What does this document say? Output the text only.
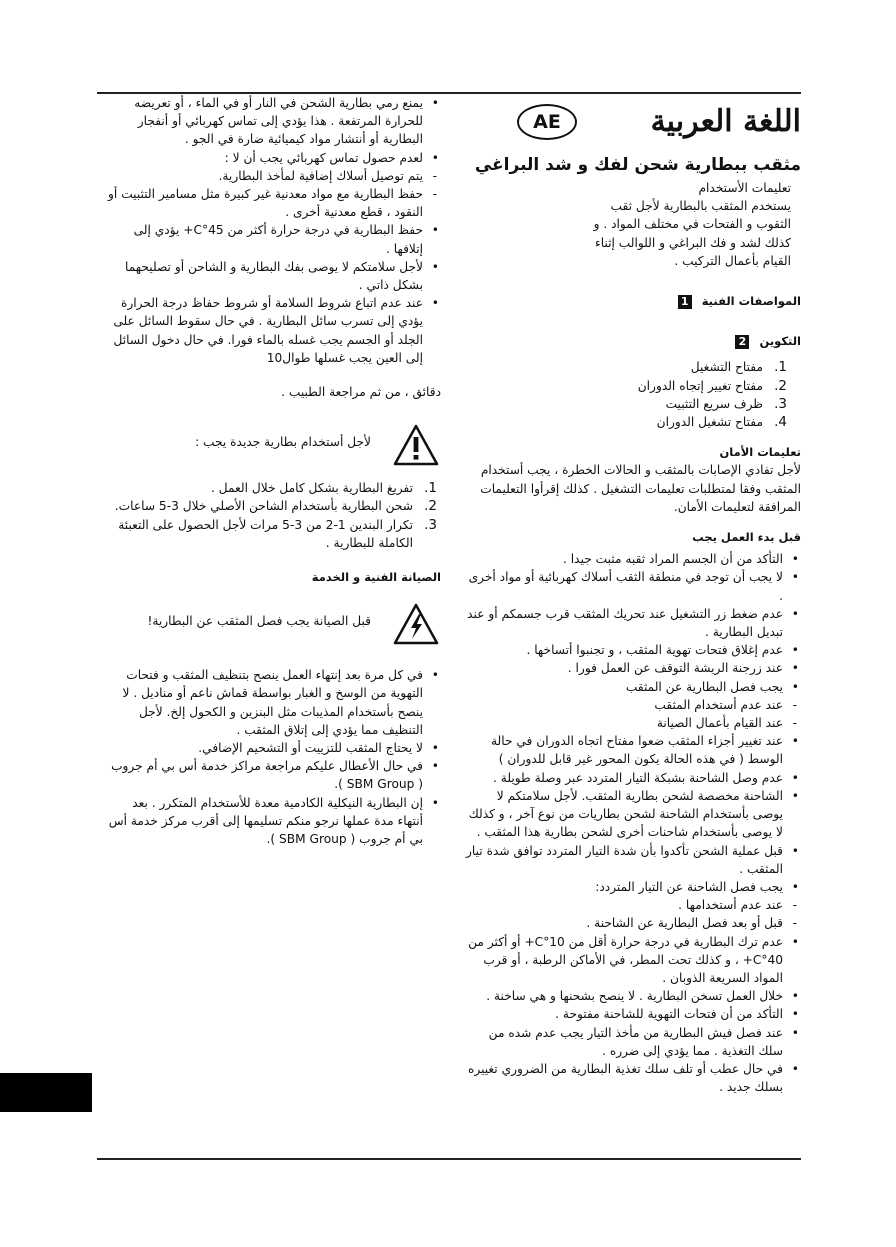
اللغة العربية
AE
مثقب ببطارية شحن لفك و شد البراغي

تعليمات الأستخدام

يستخدم المثقب بالبطارية لأجل ثقب الثقوب و الفتحات في مختلف المواد . و كذلك لشد و فك البراغي و اللوالب إثناء القيام بأعمال التركيب .

المواصفات الفنية1
التكوين2

1.
مفتاح التشغيل

2.
مفتاح تغيير إتجاه الدوران

3.
ظرف سريع التثبيت

4.
مفتاح تشغيل الدوران

تعليمات الأمان

لأجل تفادي الإصابات بالمثقب و الحالات الخطرة ، يجب أستخدام المثقب وفقا لمتطلبات تعليمات التشغيل . كذلك إقرأوا التعليمات المرافقة لتعليمات الأمان.

قبل بدء العمل يجب

• التأكد من أن الجسم المراد ثقبه مثبت جيدا .

• لا يجب أن توجد في منطقة الثقب أسلاك كهربائية أو مواد أخرى .

• عدم ضغط زر التشغيل عند تحريك المثقب قرب جسمكم أو عند تبديل البطارية .

• عدم إغلاق فتحات تهوية المثقب ، و تجنبوا أتساخها .

• عند زرجنة الريشة التوقف عن العمل فورا .

• يجب فصل البطارية عن المثقب

- عند عدم أستخدام المثقب

- عند القيام بأعمال الصيانة

• عند تغيير أجزاء المثقب ضعوا مفتاح اتجاه الدوران في حالة الوسط ( في هذه الحالة يكون المحور غير قابل للدوران )

• عدم وصل الشاحنة بشبكة التيار المتردد عبر وصلة طويلة .

• الشاحنة مخصصة لشحن بطارية المثقب. لأجل سلامتكم لا يوصى بأستخدام الشاحنة لشحن بطاريات من نوع آخر ، و كذلك لا يوصى بأستخدام شاحنات أخرى لشحن بطارية هذا المثقب .

• قبل عملية الشحن تأكدوا بأن شدة التيار المتردد توافق شدة تيار المثقب .

• يجب فصل الشاحنة عن التيار المتردد:

- عند عدم أستخدامها .

- قبل أو بعد فصل البطارية عن الشاحنة .

• عدم ترك البطارية في درجة حرارة أقل من 10°C+ أو أكثر من 40°C+ ، و كذلك تحت المطر، في الأماكن الرطبة ، أو قرب المواد السريعة الذوبان .

• خلال العمل تسخن البطارية . لا ينصح بشحنها و هي ساخنة .

• التأكد من أن فتحات التهوية للشاحنة مفتوحة .

• عند فصل فيش البطارية من مأخذ التيار يجب عدم شده من سلك التغذية . مما يؤدي إلى ضرره .

• في حال عطب أو تلف سلك تغذية البطارية من الضروري تغييره بسلك جديد .

• يمنع رمي بطارية الشحن في النار أو في الماء ، أو تعريضه للحرارة المرتفعة . هذا يؤدي إلى تماس كهربائي أو أنفجار البطارية أو أنتشار مواد كيميائية ضارة في الجو .

• لعدم حصول تماس كهربائي يجب أن لا :

- يتم توصيل أسلاك إضافية لمأخذ البطارية.

- حفظ البطارية مع مواد معدنية غير كبيرة مثل مسامير التثبيت أو النقود ، قطع معدنية أخرى .

• حفظ البطارية في درجة حرارة أكثر من 45°C+ يؤدي إلى إتلافها .

• لأجل سلامتكم لا يوصى بفك البطارية و الشاحن أو تصليحهما بشكل ذاتي .

• عند عدم اتباع شروط السلامة أو شروط حفاظ درجة الحرارة يؤدي إلى تسرب سائل البطارية . في حال سقوط السائل على الجلد أو الجسم يجب غسله بالماء فورا. في حال دخول السائل إلى العين يجب غسلها طوال10

دقائق ، من ثم مراجعة الطبيب .

لأجل أستخدام بطارية جديدة يجب :

1.
تفريغ البطارية بشكل كامل خلال العمل .

2.
شحن البطارية بأستخدام الشاحن الأصلي خلال 3-5 ساعات.

3.
تكرار البندين 1-2 من 3-5 مرات لأجل الحصول على التعبئة الكاملة للبطارية .

الصيانة الفنية و الخدمة
قبل الصيانة يجب فصل المثقب عن البطارية!

• في كل مرة بعد إنتهاء العمل ينصح بتنظيف المثقب و فتحات التهوية من الوسخ و الغبار بواسطة قماش ناعم أو مناديل . لا ينصح بأستخدام المذيبات مثل البنزين و الكحول إلخ. لأجل التنظيف مما يؤدي إلى إتلاق المثقب .

• لا يحتاج المثقب للتزييت أو التشحيم الإضافي.

• في حال الأعطال عليكم مراجعة مراكز خدمة أس بي أم جروب ( SBM Group ).

• إن البطارية النيكلية الكادمية معدة للأستخدام المتكرر . بعد أنتهاء مدة عملها نرجو منكم تسليمها إلى أقرب مركز خدمة أس بي أم جروب ( SBM Group ).
